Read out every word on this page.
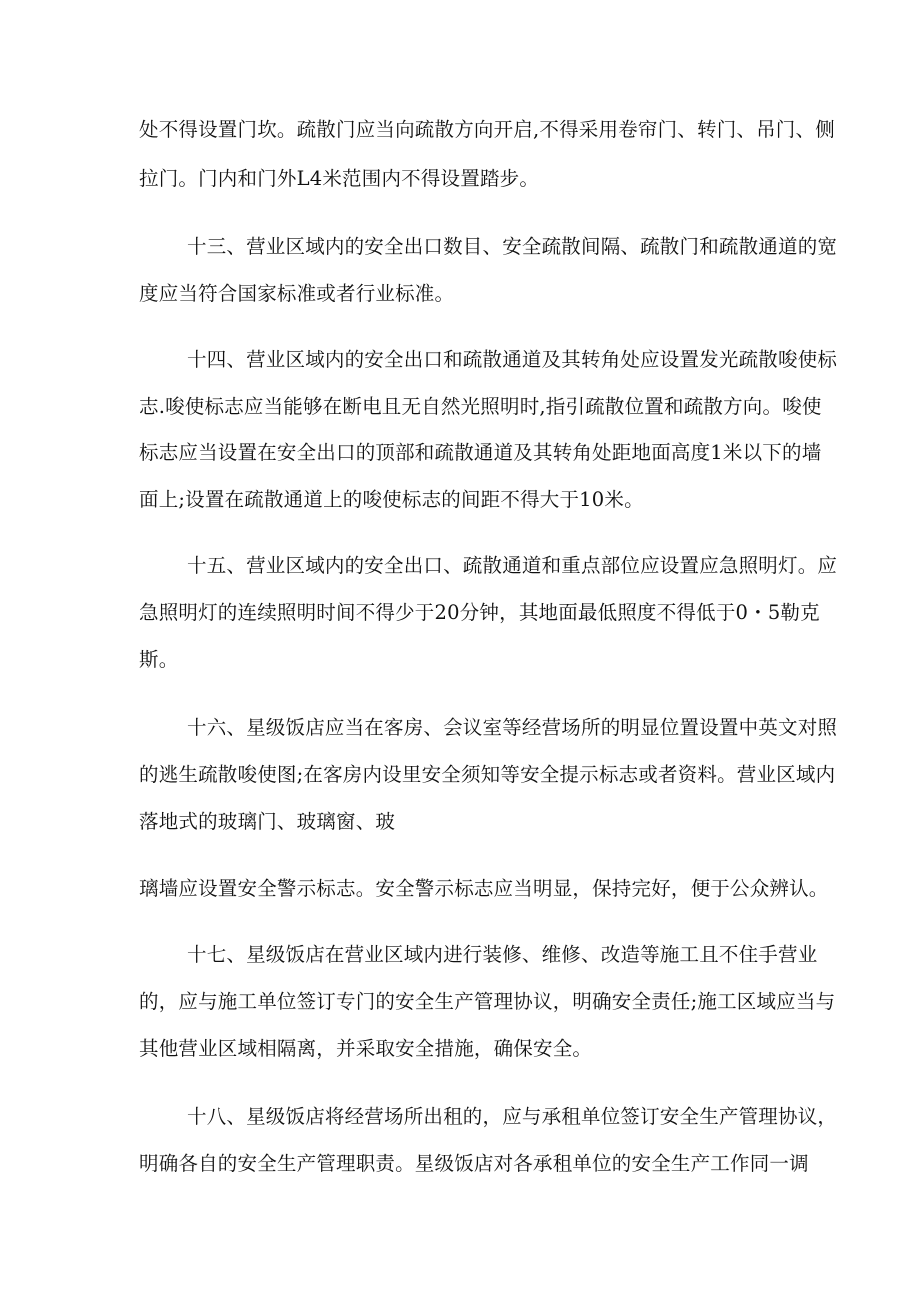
处不得设置门坎。疏散门应当向疏散方向开启,不得采用卷帘门、转门、吊门、侧
拉门。门内和门外L4米范围内不得设置踏步。
十三、营业区域内的安全出口数目、安全疏散间隔、疏散门和疏散通道的宽
度应当符合国家标准或者行业标准。
十四、营业区域内的安全出口和疏散通道及其转角处应设置发光疏散唆使标
志.唆使标志应当能够在断电且无自然光照明时,指引疏散位置和疏散方向。唆使
标志应当设置在安全出口的顶部和疏散通道及其转角处距地面高度1米以下的墙
面上;设置在疏散通道上的唆使标志的间距不得大于10米。
十五、营业区域内的安全出口、疏散通道和重点部位应设置应急照明灯。应
急照明灯的连续照明时间不得少于20分钟，其地面最低照度不得低于0・5勒克
斯。
十六、星级饭店应当在客房、会议室等经营场所的明显位置设置中英文对照
的逃生疏散唆使图;在客房内设里安全须知等安全提示标志或者资料。营业区域内
落地式的玻璃门、玻璃窗、玻
璃墙应设置安全警示标志。安全警示标志应当明显，保持完好，便于公众辨认。
十七、星级饭店在营业区域内进行装修、维修、改造等施工且不住手营业
的，应与施工单位签订专门的安全生产管理协议，明确安全责任;施工区域应当与
其他营业区域相隔离，并采取安全措施，确保安全。
十八、星级饭店将经营场所出租的，应与承租单位签订安全生产管理协议，
明确各自的安全生产管理职责。星级饭店对各承租单位的安全生产工作同一调
